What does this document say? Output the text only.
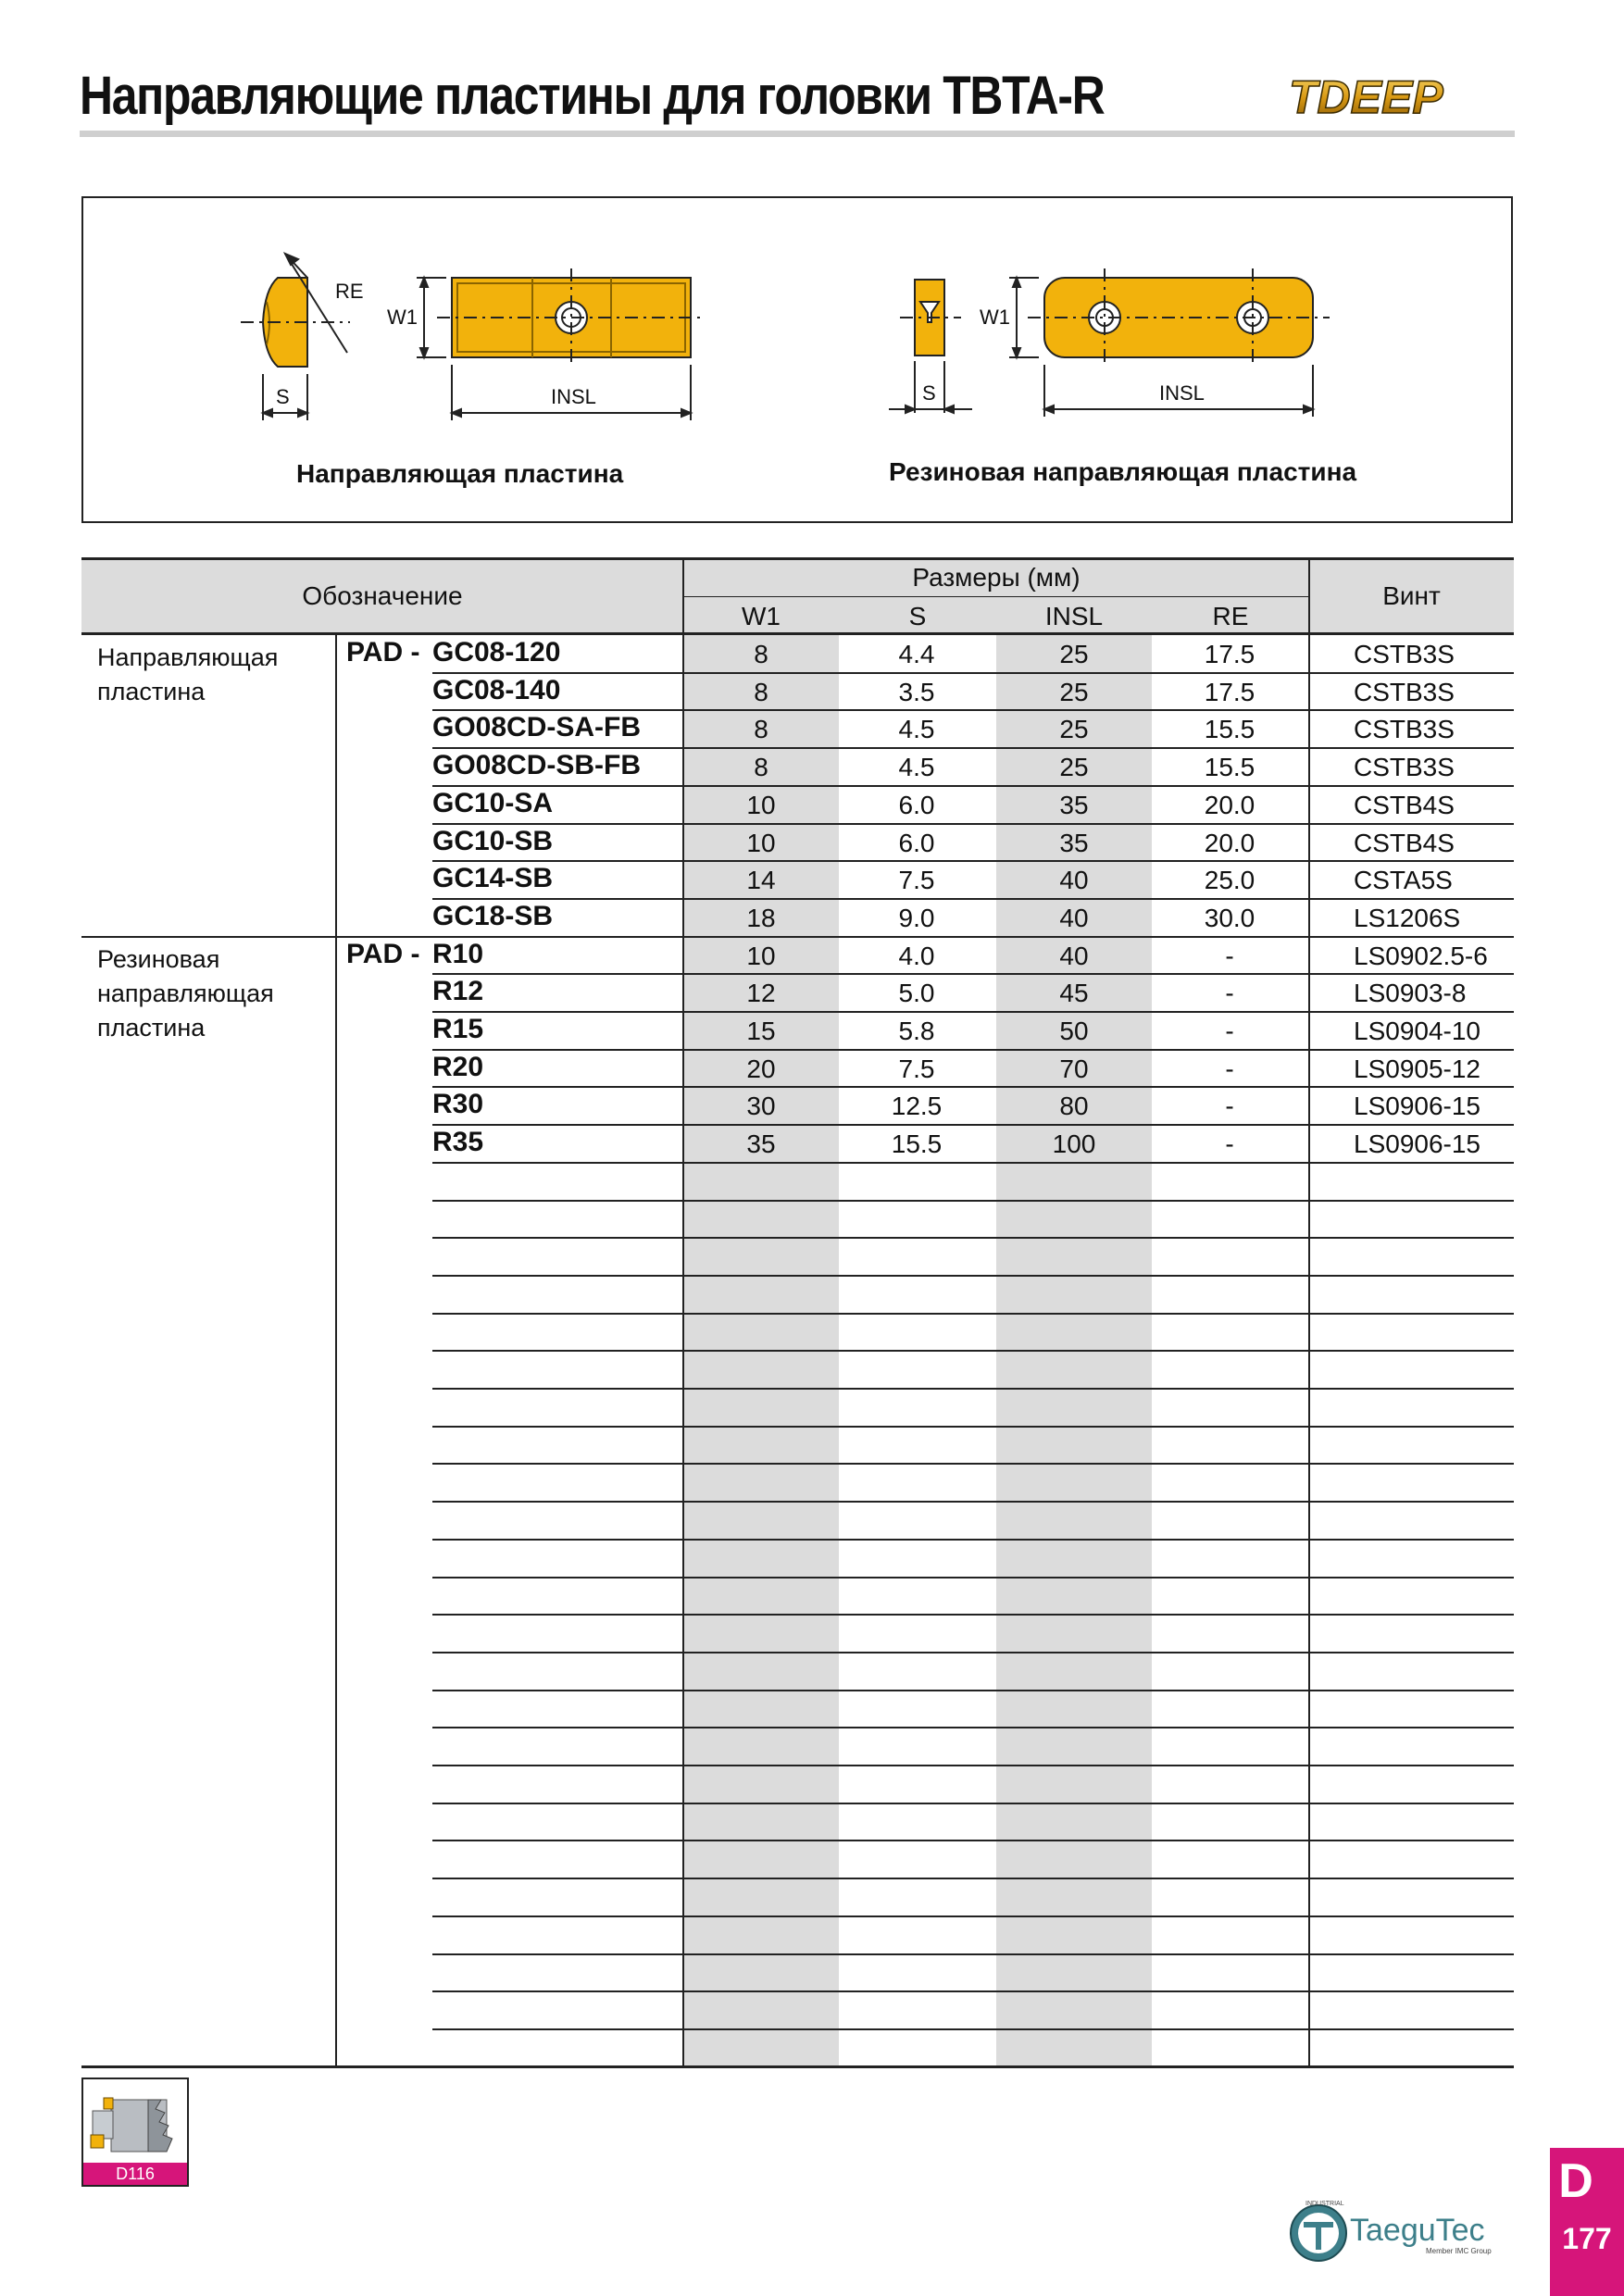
Направляющие пластины для головки TBTA-R	TDEEP
RE
W1
S	INSL
W1
S	INSL
Направляющая пластина	Резиновая направляющая пластина
Обозначение
Размеры (мм)
W1	S	INSL	RE
Винт
Направляющая
пластина
PAD -
Резиновая
направляющая
пластина
PAD -
GC08-120	8	4.4	25	17.5	CSTB3S
GC08-140	8	3.5	25	17.5	CSTB3S
GO08CD-SA-FB	8	4.5	25	15.5	CSTB3S
GO08CD-SB-FB	8	4.5	25	15.5	CSTB3S
GC10-SA	10	6.0	35	20.0	CSTB4S
GC10-SB	10	6.0	35	20.0	CSTB4S
GC14-SB	14	7.5	40	25.0	CSTA5S
GC18-SB	18	9.0	40	30.0	LS1206S
R10	10	4.0	40	-	LS0902.5-6
R12	12	5.0	45	-	LS0903-8
R15	15	5.8	50	-	LS0904-10
R20	20	7.5	70	-	LS0905-12
R30	30	12.5	80	-	LS0906-15
R35	35	15.5	100	-	LS0906-15
D116
INDUSTRIAL
TaeguTec
Member IMC Group
D
177
